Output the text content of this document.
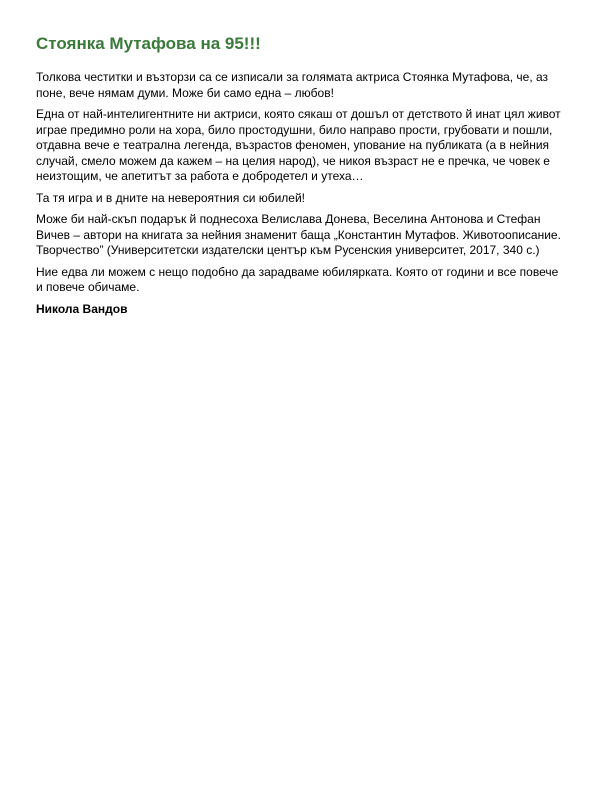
Стоянка Мутафова на 95!!!

Толкова честитки и възторзи са се изписали за голямата актриса Стоянка Мутафова, че, аз поне, вече нямам думи. Може би само една – любов!

Една от най-интелигентните ни актриси, която сякаш от дошъл от детството й инат цял живот играе предимно роли на хора, било простодушни, било направо прости, грубовати и пошли, отдавна вече е театрална легенда, възрастов феномен, упование на публиката (а в нейния случай, смело можем да кажем – на целия народ), че никоя възраст не е пречка, че човек е неизтощим, че апетитът за работа е добродетел и утеха…

Та тя игра и в дните на невероятния си юбилей!

Може би най-скъп подарък й поднесоха Велислава Донева, Веселина Антонова и Стефан Вичев – автори на книгата за нейния знаменит баща „Константин Мутафов. Животоописание. Творчество” (Университетски издателски център към Русенския университет, 2017, 340 с.)

Ние едва ли можем с нещо подобно да зарадваме юбилярката. Която от години и все повече и повече обичаме.

Никола Вандов
